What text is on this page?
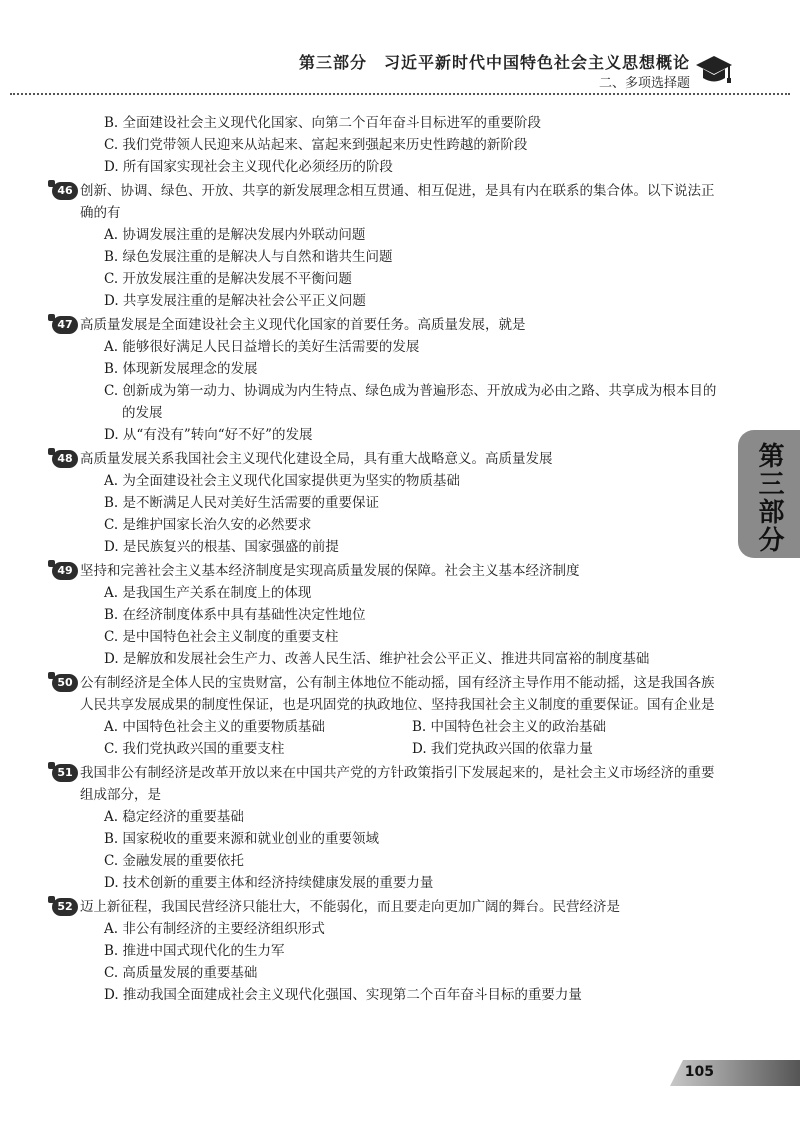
第三部分　习近平新时代中国特色社会主义思想概论
二、多项选择题
B. 全面建设社会主义现代化国家、向第二个百年奋斗目标进军的重要阶段
C. 我们党带领人民迎来从站起来、富起来到强起来历史性跨越的新阶段
D. 所有国家实现社会主义现代化必须经历的阶段
46 创新、协调、绿色、开放、共享的新发展理念相互贯通、相互促进，是具有内在联系的集合体。以下说法正确的有
A. 协调发展注重的是解决发展内外联动问题
B. 绿色发展注重的是解决人与自然和谐共生问题
C. 开放发展注重的是解决发展不平衡问题
D. 共享发展注重的是解决社会公平正义问题
47 高质量发展是全面建设社会主义现代化国家的首要任务。高质量发展，就是
A. 能够很好满足人民日益增长的美好生活需要的发展
B. 体现新发展理念的发展
C. 创新成为第一动力、协调成为内生特点、绿色成为普遍形态、开放成为必由之路、共享成为根本目的的发展
D. 从“有没有”转向“好不好”的发展
48 高质量发展关系我国社会主义现代化建设全局，具有重大战略意义。高质量发展
A. 为全面建设社会主义现代化国家提供更为坚实的物质基础
B. 是不断满足人民对美好生活需要的重要保证
C. 是维护国家长治久安的必然要求
D. 是民族复兴的根基、国家强盛的前提
49 坚持和完善社会主义基本经济制度是实现高质量发展的保障。社会主义基本经济制度
A. 是我国生产关系在制度上的体现
B. 在经济制度体系中具有基础性决定性地位
C. 是中国特色社会主义制度的重要支柱
D. 是解放和发展社会生产力、改善人民生活、维护社会公平正义、推进共同富裕的制度基础
50 公有制经济是全体人民的宝贵财富，公有制主体地位不能动摇，国有经济主导作用不能动摇，这是我国各族人民共享发展成果的制度性保证，也是巩固党的执政地位、坚持我国社会主义制度的重要保证。国有企业是
A. 中国特色社会主义的重要物质基础	B. 中国特色社会主义的政治基础
C. 我们党执政兴国的重要支柱	D. 我们党执政兴国的依靠力量
51 我国非公有制经济是改革开放以来在中国共产党的方针政策指引下发展起来的，是社会主义市场经济的重要组成部分，是
A. 稳定经济的重要基础
B. 国家税收的重要来源和就业创业的重要领域
C. 金融发展的重要依托
D. 技术创新的重要主体和经济持续健康发展的重要力量
52 迈上新征程，我国民营经济只能壮大，不能弱化，而且要走向更加广阔的舞台。民营经济是
A. 非公有制经济的主要经济组织形式
B. 推进中国式现代化的生力军
C. 高质量发展的重要基础
D. 推动我国全面建成社会主义现代化强国、实现第二个百年奋斗目标的重要力量
第三部分
105
